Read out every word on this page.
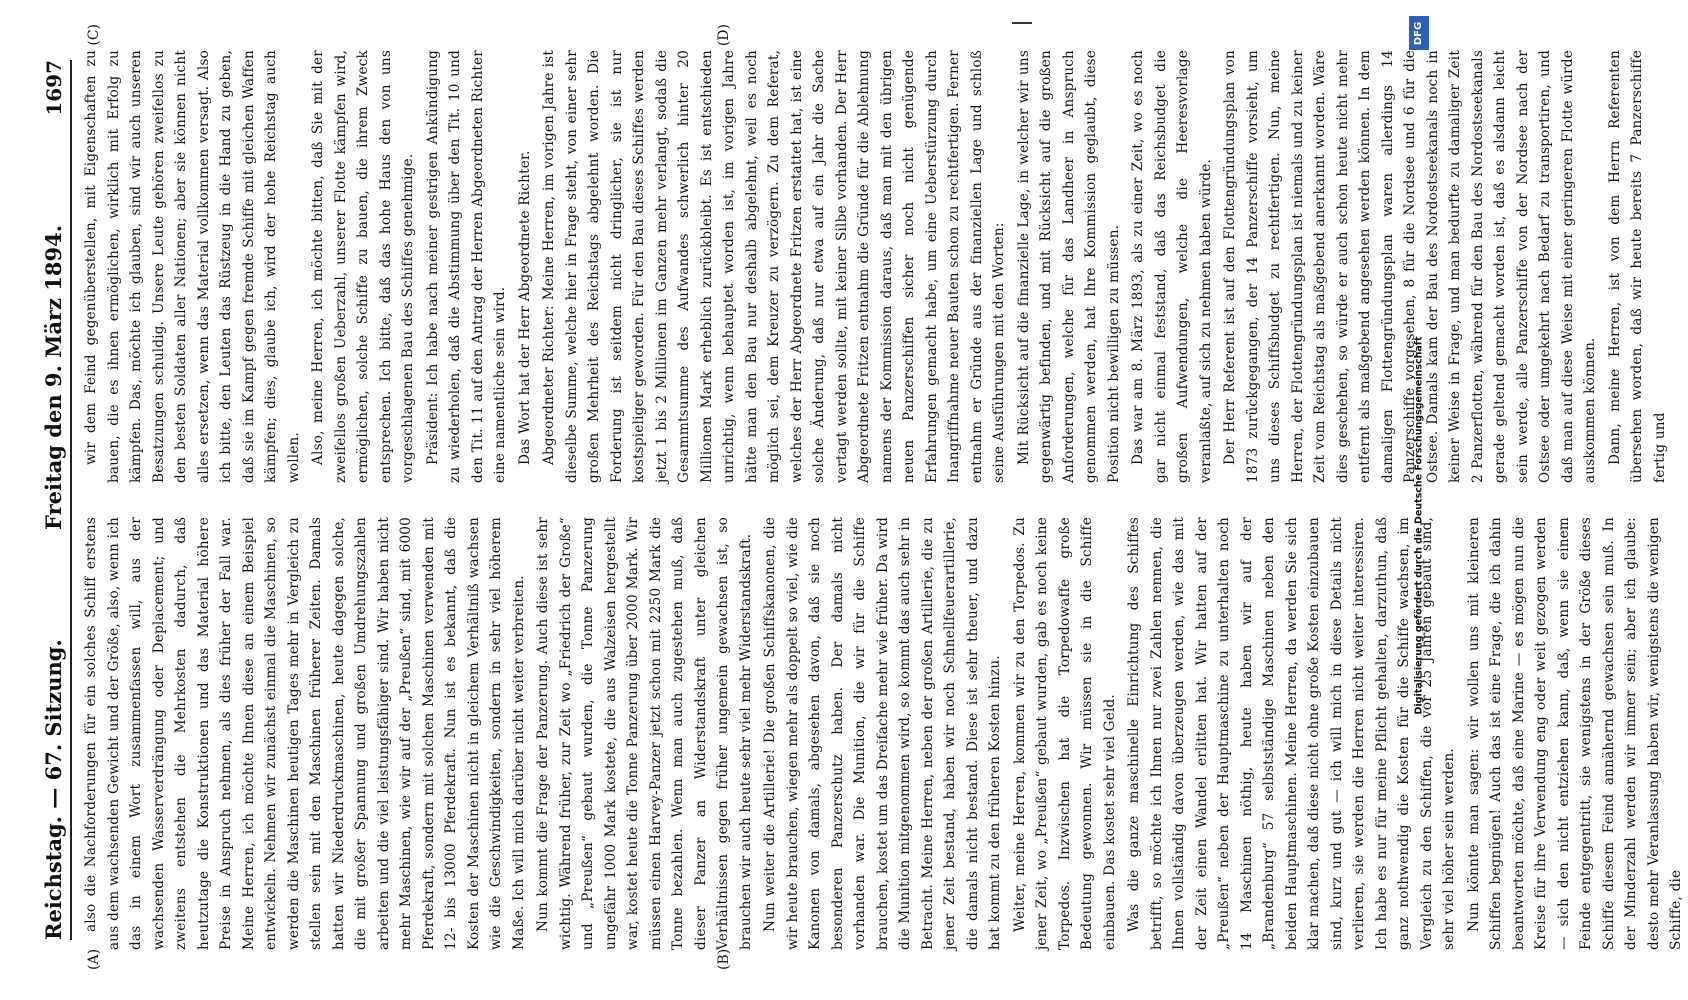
Reichstag. — 67. Sitzung.
Freitag den 9. März 1894.
1697

also die Nachforderungen für ein solches Schiff erstens aus dem wachsenden Gewicht und der Größe, also, wenn ich das in einem Wort zusammenfassen will, aus der wachsenden Wasserverdrängung oder Deplacement; und zweitens entstehen die Mehrkosten dadurch, daß heutzutage die Konstruktionen und das Material höhere Preise in Anspruch nehmen, als dies früher der Fall war. Meine Herren, ich möchte Ihnen diese an einem Beispiel entwickeln. Nehmen wir zunächst einmal die Maschinen, so werden die Maschinen heutigen Tages mehr in Vergleich zu stellen sein mit den Maschinen früherer Zeiten. Damals hatten wir Niederdruckmaschinen, heute dagegen solche, die mit großer Spannung und großen Umdrehungszahlen arbeiten und die viel leistungsfähiger sind. Wir haben nicht mehr Maschinen, wie wir auf der „Preußen“ sind, mit 6000 Pferdekraft, sondern mit solchen Maschinen verwenden mit 12- bis 13000 Pferdekraft. Nun ist es bekannt, daß die Kosten der Maschinen nicht in gleichem Verhältniß wachsen wie die Geschwindigkeiten, sondern in sehr viel höherem Maße. Ich will mich darüber nicht weiter verbreiten. Nun kommt die Frage der Panzerung. Auch diese ist sehr wichtig. Während früher, zur Zeit wo „Friedrich der Große“ und „Preußen“ gebaut wurden, die Tonne Panzerung ungefähr 1000 Mark kostete, die aus Walzeisen hergestellt war, kostet heute die Tonne Panzerung über 2000 Mark. Wir müssen einen Harvey-Panzer jetzt schon mit 2250 Mark die Tonne bezahlen. Wenn man auch zugestehen muß, daß dieser Panzer an Widerstandskraft unter gleichen Verhältnissen gegen früher ungemein gewachsen ist, so brauchen wir auch heute sehr viel mehr Widerstandskraft. Nun weiter die Artillerie! Die großen Schiffskanonen, die wir heute brauchen, wiegen mehr als doppelt so viel, wie die Kanonen von damals, abgesehen davon, daß sie noch besonderen Panzerschutz haben. Der damals nicht vorhanden war. Die Munition, die wir für die Schiffe brauchen, kostet um das Dreifache mehr wie früher. Da wird die Munition mitgenommen wird, so kommt das auch sehr in Betracht. Meine Herren, neben der großen Artillerie, die zu jener Zeit bestand, haben wir noch Schnellfeuerartillerie, die damals nicht bestand. Diese ist sehr theuer, und dazu hat kommt zu den früheren Kosten hinzu. Weiter, meine Herren, kommen wir zu den Torpedos. Zu jener Zeit, wo „Preußen“ gebaut wurden, gab es noch keine Torpedos. Inzwischen hat die Torpedowaffe große Bedeutung gewonnen. Wir müssen sie in die Schiffe einbauen. Das kostet sehr viel Geld. Was die ganze maschinelle Einrichtung des Schiffes betrifft, so möchte ich Ihnen nur zwei Zahlen nennen, die Ihnen vollständig davon überzeugen werden, wie das mit der Zeit einen Wandel erlitten hat. Wir hatten auf der „Preußen“ neben der Hauptmaschine zu unterhalten noch 14 Maschinen nöthig, heute haben wir auf der „Brandenburg“ 57 selbstständige Maschinen neben den beiden Hauptmaschinen. Meine Herren, da werden Sie sich klar machen, daß diese nicht ohne große Kosten einzubauen sind, kurz und gut — ich will mich in diese Details nicht verlieren, sie werden die Herren nicht weiter interessiren. Ich habe es nur für meine Pflicht gehalten, darzuthun, daß ganz nothwendig die Kosten für die Schiffe wachsen, im Vergleich zu den Schiffen, die vor 25 Jahren gebaut sind, sehr viel höher sein werden. Nun könnte man sagen: wir wollen uns mit kleineren Schiffen begnügen! Auch das ist eine Frage, die ich dahin beantworten möchte, daß eine Marine — es mögen nun die Kreise für ihre Verwendung eng oder weit gezogen werden — sich den nicht entziehen kann, daß, wenn sie einem Feinde entgegentritt, sie wenigstens in der Größe dieses Schiffe diesem Feind annähernd gewachsen sein muß. In der Minderzahl werden wir immer sein; aber ich glaube: desto mehr Veranlassung haben wir, wenigstens die wenigen Schiffe, die

wir dem Feind gegenüberstellen, mit Eigenschaften zu bauen, die es ihnen ermöglichen, wirklich mit Erfolg zu kämpfen. Das, möchte ich glauben, sind wir auch unseren Besatzungen schuldig. Unsere Leute gehören zweifellos zu den besten Soldaten aller Nationen; aber sie können nicht alles ersetzen, wenn das Material vollkommen versagt. Also ich bitte, den Leuten das Rüstzeug in die Hand zu geben, daß sie im Kampf gegen fremde Schiffe mit gleichen Waffen kämpfen; dies, glaube ich, wird der hohe Reichstag auch wollen. Also, meine Herren, ich möchte bitten, daß Sie mit der zweifellos großen Ueberzahl, unserer Flotte kämpfen wird, ermöglichen, solche Schiffe zu bauen, die ihrem Zweck entsprechen. Ich bitte, daß das hohe Haus den von uns vorgeschlagenen Bau des Schiffes genehmige. Präsident: Ich habe nach meiner gestrigen Ankündigung zu wiederholen, daß die Abstimmung über den Tit. 10 und den Tit. 11 auf den Antrag der Herren Abgeordneten Richter eine namentliche sein wird. Das Wort hat der Herr Abgeordnete Richter. Abgeordneter Richter: Meine Herren, im vorigen Jahre ist dieselbe Summe, welche hier in Frage steht, von einer sehr großen Mehrheit des Reichstags abgelehnt worden. Die Forderung ist seitdem nicht dringlicher, sie ist nur kostspieliger geworden. Für den Bau dieses Schiffes werden jetzt 1 bis 2 Millionen im Ganzen mehr verlangt, sodaß die Gesammtsumme des Aufwandes schwerlich hinter 20 Millionen Mark erheblich zurückbleibt. Es ist entschieden unrichtig, wenn behauptet worden ist, im vorigen Jahre hätte man den Bau nur deshalb abgelehnt, weil es noch möglich sei, dem Kreuzer zu verzögern. Zu dem Referat, welches der Herr Abgeordnete Fritzen erstattet hat, ist eine solche Änderung, daß nur etwa auf ein Jahr die Sache vertagt werden sollte, mit keiner Silbe vorhanden. Der Herr Abgeordnete Fritzen entnahm die Gründe für die Ablehnung namens der Kommission daraus, daß man mit den übrigen neuen Panzerschiffen sicher noch nicht genügende Erfahrungen gemacht habe, um eine Ueberstürzung durch Inangriffnahme neuer Bauten schon zu rechtfertigen. Ferner entnahm er Gründe aus der finanziellen Lage und schloß seine Ausführungen mit den Worten: Mit Rücksicht auf die finanzielle Lage, in welcher wir uns gegenwärtig befinden, und mit Rücksicht auf die großen Anforderungen, welche für das Landheer in Anspruch genommen werden, hat Ihre Kommission geglaubt, diese Position nicht bewilligen zu müssen. Das war am 8. März 1893, als zu einer Zeit, wo es noch gar nicht einmal feststand, daß das Reichsbudget die großen Aufwendungen, welche die Heeresvorlage veranlaßte, auf sich zu nehmen haben würde. Der Herr Referent ist auf den Flottengründungsplan von 1873 zurückgegangen, der 14 Panzerschiffe vorsieht, um uns dieses Schiffsbudget zu rechtfertigen. Nun, meine Herren, der Flottengründungsplan ist niemals und zu keiner Zeit vom Reichstag als maßgebend anerkannt worden. Wäre dies geschehen, so würde er auch schon heute nicht mehr entfernt als maßgebend angesehen werden können. In dem damaligen Flottengründungsplan waren allerdings 14 Panzerschiffe vorgesehen, 8 für die Nordsee und 6 für die Ostsee. Damals kam der Bau des Nordostseekanals noch in keiner Weise in Frage, und man bedurfte zu damaliger Zeit 2 Panzerflotten, während für den Bau des Nordostseekanals gerade geltend gemacht worden ist, daß es alsdann leicht sein werde, alle Panzerschiffe von der Nordsee nach der Ostsee oder umgekehrt nach Bedarf zu transportiren, und daß man auf diese Weise mit einer geringeren Flotte würde auskommen können. Dann, meine Herren, ist von dem Herrn Referenten übersehen worden, daß wir heute bereits 7 Panzerschiffe fertig und

(A)	(B)
(C)	(D)	DFG
Digitalisierung gefördert durch die Deutsche Forschungsgemeinschaft
